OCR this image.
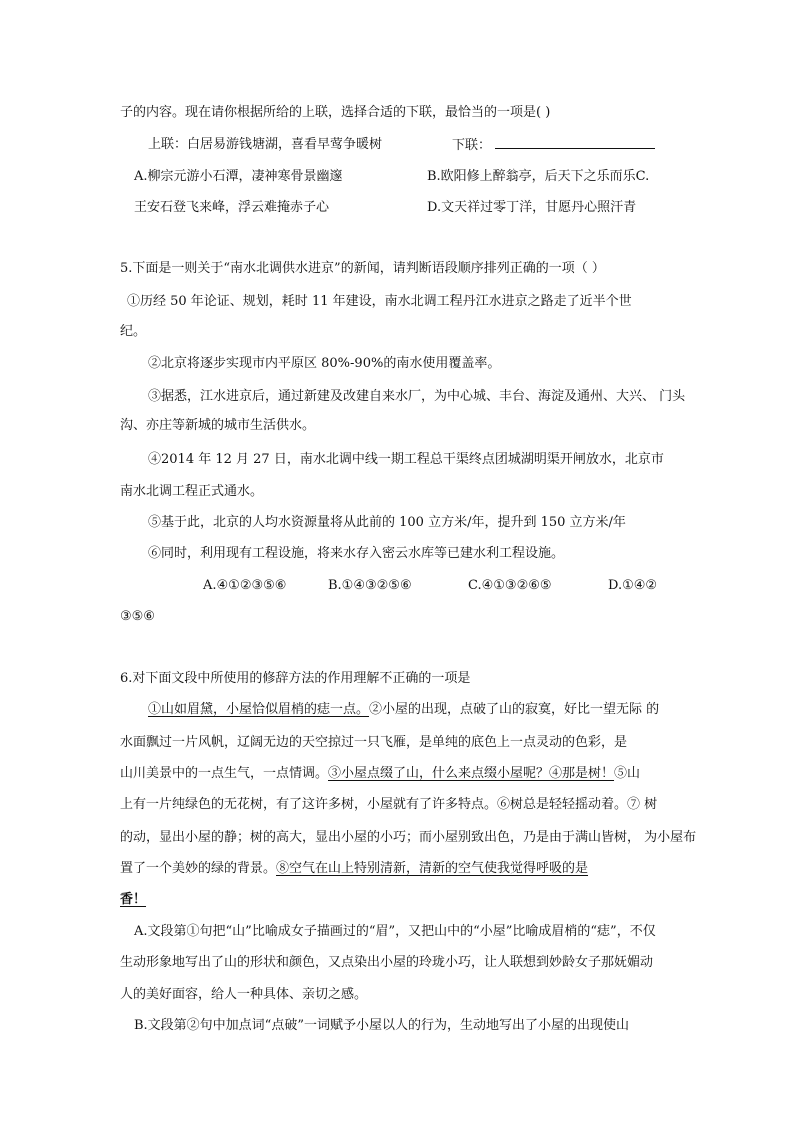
子的内容。现在请你根据所给的上联，选择合适的下联，最恰当的一项是( )
上联：白居易游钱塘湖，喜看早莺争暖树	下联：
A.柳宗元游小石潭，凄神寒骨景幽邃	B.欧阳修上醉翁亭，后天下之乐而乐C.
王安石登飞来峰，浮云难掩赤子心	D.文天祥过零丁洋，甘愿丹心照汗青
5.下面是一则关于“南水北调供水进京”的新闻，请判断语段顺序排列正确的一项（ ）
①历经 50 年论证、规划，耗时 11 年建设，南水北调工程丹江水进京之路走了近半个世
纪。
②北京将逐步实现市内平原区 80%-90%的南水使用覆盖率。
③据悉，江水进京后，通过新建及改建自来水厂，为中心城、丰台、海淀及通州、大兴、 门头
沟、亦庄等新城的城市生活供水。
④2014 年 12 月 27 日，南水北调中线一期工程总干渠终点团城湖明渠开闸放水，北京市
南水北调工程正式通水。
⑤基于此，北京的人均水资源量将从此前的 100 立方米/年，提升到 150 立方米/年
⑥同时，利用现有工程设施，将来水存入密云水库等已建水利工程设施。
A.④①②③⑤⑥	B.①④③②⑤⑥	C.④①③②⑥⑤	D.①④②
③⑤⑥
6.对下面文段中所使用的修辞方法的作用理解不正确的一项是
①山如眉黛，小屋恰似眉梢的痣一点。②小屋的出现，点破了山的寂寞，好比一望无际 的
水面飘过一片风帆，辽阔无边的天空掠过一只飞雁，是单纯的底色上一点灵动的色彩，是
山川美景中的一点生气，一点情调。③小屋点缀了山，什么来点缀小屋呢？④那是树！⑤山
上有一片纯绿色的无花树，有了这许多树，小屋就有了许多特点。⑥树总是轻轻摇动着。⑦ 树
的动，显出小屋的静；树的高大，显出小屋的小巧；而小屋别致出色，乃是由于满山皆树， 为小屋布
置了一个美妙的绿的背景。⑧空气在山上特别清新，清新的空气使我觉得呼吸的是
香！
A.文段第①句把“山”比喻成女子描画过的“眉”，又把山中的“小屋”比喻成眉梢的“痣”，不仅
生动形象地写出了山的形状和颜色，又点染出小屋的玲珑小巧，让人联想到妙龄女子那妩媚动
人的美好面容，给人一种具体、亲切之感。
B.文段第②句中加点词“点破”一词赋予小屋以人的行为，生动地写出了小屋的出现使山
